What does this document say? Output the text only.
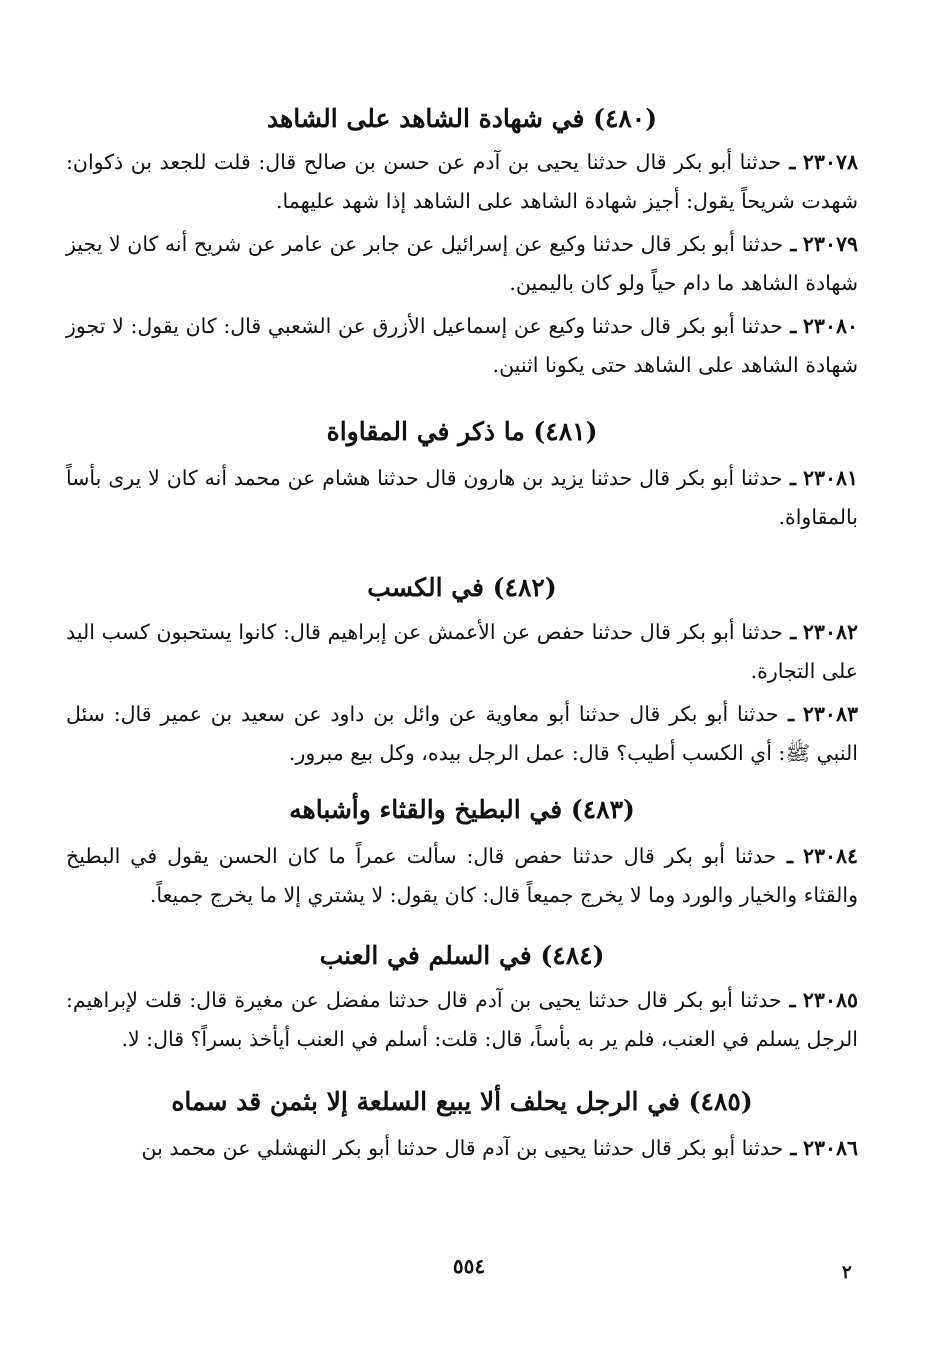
(٤٨٠) في شهادة الشاهد على الشاهد

٢٣٠٧٨ ـ حدثنا أبو بكر قال حدثنا يحيى بن آدم عن حسن بن صالح قال: قلت للجعد بن ذكوان: شهدت شريحاً يقول: أجيز شهادة الشاهد على الشاهد إذا شهد عليهما.

٢٣٠٧٩ ـ حدثنا أبو بكر قال حدثنا وكيع عن إسرائيل عن جابر عن عامر عن شريح أنه كان لا يجيز شهادة الشاهد ما دام حياً ولو كان باليمين.

٢٣٠٨٠ ـ حدثنا أبو بكر قال حدثنا وكيع عن إسماعيل الأزرق عن الشعبي قال: كان يقول: لا تجوز شهادة الشاهد على الشاهد حتى يكونا اثنين.

(٤٨١) ما ذكر في المقاواة

٢٣٠٨١ ـ حدثنا أبو بكر قال حدثنا يزيد بن هارون قال حدثنا هشام عن محمد أنه كان لا يرى بأساً بالمقاواة.

(٤٨٢) في الكسب

٢٣٠٨٢ ـ حدثنا أبو بكر قال حدثنا حفص عن الأعمش عن إبراهيم قال: كانوا يستحبون كسب اليد على التجارة.

٢٣٠٨٣ ـ حدثنا أبو بكر قال حدثنا أبو معاوية عن وائل بن داود عن سعيد بن عمير قال: سئل النبي ﷺ: أي الكسب أطيب؟ قال: عمل الرجل بيده، وكل بيع مبرور.

(٤٨٣) في البطيخ والقثاء وأشباهه

٢٣٠٨٤ ـ حدثنا أبو بكر قال حدثنا حفص قال: سألت عمراً ما كان الحسن يقول في البطيخ والقثاء والخيار والورد وما لا يخرج جميعاً قال: كان يقول: لا يشتري إلا ما يخرج جميعاً.

(٤٨٤) في السلم في العنب

٢٣٠٨٥ ـ حدثنا أبو بكر قال حدثنا يحيى بن آدم قال حدثنا مفضل عن مغيرة قال: قلت لإبراهيم: الرجل يسلم في العنب، فلم ير به بأساً، قال: قلت: أسلم في العنب أيأخذ بسراً؟ قال: لا.

(٤٨٥) في الرجل يحلف ألا يبيع السلعة إلا بثمن قد سماه

٢٣٠٨٦ ـ حدثنا أبو بكر قال حدثنا يحيى بن آدم قال حدثنا أبو بكر النهشلي عن محمد بن

٥٥٤	٢
